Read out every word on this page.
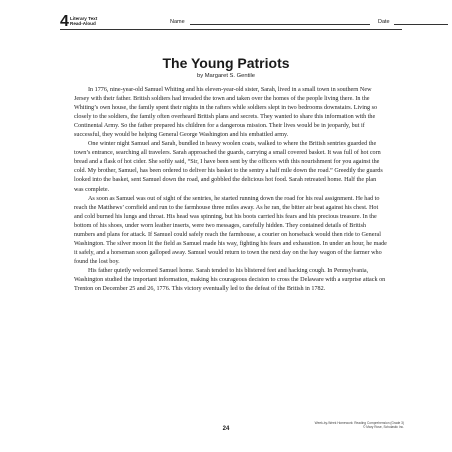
4 Literary Text
Read-Aloud	Name	Date
The Young Patriots
by Margaret S. Gentile

In 1776, nine-year-old Samuel Whiting and his eleven-year-old sister, Sarah, lived in a small town in southern New Jersey with their father. British soldiers had invaded the town and taken over the homes of the people living there. In the Whiting’s own house, the family spent their nights in the rafters while soldiers slept in two bedrooms downstairs. Living so closely to the soldiers, the family often overheard British plans and secrets. They wanted to share this information with the Continental Army. So the father prepared his children for a dangerous mission. Their lives would be in jeopardy, but if successful, they would be helping General George Washington and his embattled army.

One winter night Samuel and Sarah, bundled in heavy woolen coats, walked to where the British sentries guarded the town’s entrance, searching all travelers. Sarah approached the guards, carrying a small covered basket. It was full of hot corn bread and a flask of hot cider. She softly said, “Sir, I have been sent by the officers with this nourishment for you against the cold. My brother, Samuel, has been ordered to deliver his basket to the sentry a half mile down the road.” Greedily the guards looked into the basket, sent Samuel down the road, and gobbled the delicious hot food. Sarah retreated home. Half the plan was complete.

As soon as Samuel was out of sight of the sentries, he started running down the road for his real assignment. He had to reach the Matthews’ cornfield and run to the farmhouse three miles away. As he ran, the bitter air beat against his chest. Hot and cold burned his lungs and throat. His head was spinning, but his boots carried his fears and his precious treasure. In the bottom of his shoes, under worn leather inserts, were two messages, carefully hidden. They contained details of British numbers and plans for attack. If Samuel could safely reach the farmhouse, a courier on horseback would then ride to General Washington. The silver moon lit the field as Samuel made his way, fighting his fears and exhaustion. In under an hour, he made it safely, and a horseman soon galloped away. Samuel would return to town the next day on the hay wagon of the farmer who found the lost boy.

His father quietly welcomed Samuel home. Sarah tended to his blistered feet and hacking cough. In Pennsylvania, Washington studied the important information, making his courageous decision to cross the Delaware with a surprise attack on Trenton on December 25 and 26, 1776. This victory eventually led to the defeat of the British in 1782.

24
Week-by-Week Homework: Reading Comprehension (Grade 3)
© Mary Rose, Scholastic Inc.
